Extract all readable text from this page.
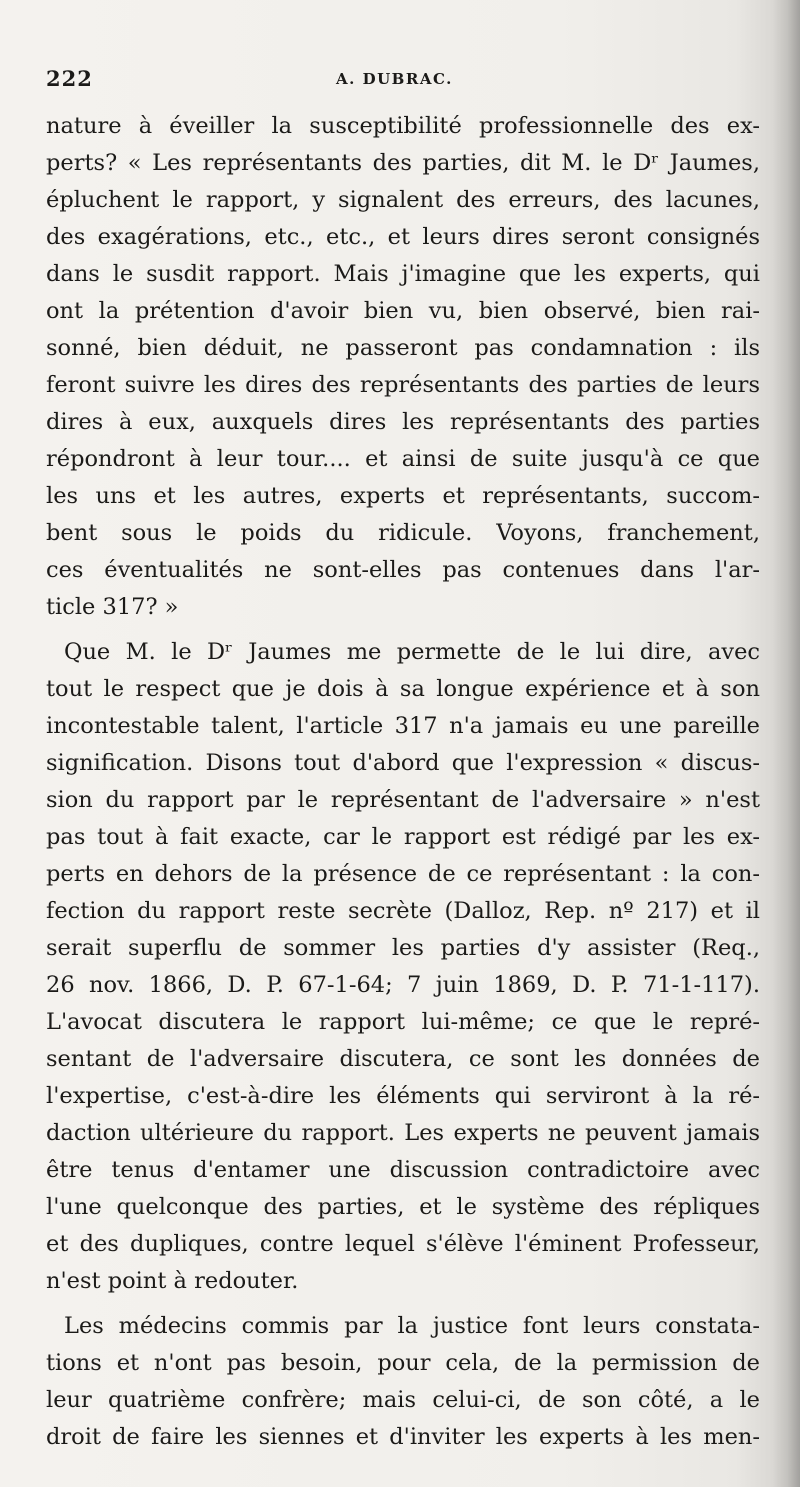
222	A. DUBRAC.
nature à éveiller la susceptibilité professionnelle des ex-
perts? « Les représentants des parties, dit M. le Dʳ Jaumes,
épluchent le rapport, y signalent des erreurs, des lacunes,
des exagérations, etc., etc., et leurs dires seront consignés
dans le susdit rapport. Mais j'imagine que les experts, qui
ont la prétention d'avoir bien vu, bien observé, bien rai-
sonné, bien déduit, ne passeront pas condamnation : ils
feront suivre les dires des représentants des parties de leurs
dires à eux, auxquels dires les représentants des parties
répondront à leur tour.... et ainsi de suite jusqu'à ce que
les uns et les autres, experts et représentants, succom-
bent sous le poids du ridicule. Voyons, franchement,
ces éventualités ne sont-elles pas contenues dans l'ar-
ticle 317? »
Que M. le Dʳ Jaumes me permette de le lui dire, avec
tout le respect que je dois à sa longue expérience et à son
incontestable talent, l'article 317 n'a jamais eu une pareille
signification. Disons tout d'abord que l'expression « discus-
sion du rapport par le représentant de l'adversaire » n'est
pas tout à fait exacte, car le rapport est rédigé par les ex-
perts en dehors de la présence de ce représentant : la con-
fection du rapport reste secrète (Dalloz, Rep. nº 217) et il
serait superflu de sommer les parties d'y assister (Req.,
26 nov. 1866, D. P. 67-1-64; 7 juin 1869, D. P. 71-1-117).
L'avocat discutera le rapport lui-même; ce que le repré-
sentant de l'adversaire discutera, ce sont les données de
l'expertise, c'est-à-dire les éléments qui serviront à la ré-
daction ultérieure du rapport. Les experts ne peuvent jamais
être tenus d'entamer une discussion contradictoire avec
l'une quelconque des parties, et le système des répliques
et des dupliques, contre lequel s'élève l'éminent Professeur,
n'est point à redouter.
Les médecins commis par la justice font leurs constata-
tions et n'ont pas besoin, pour cela, de la permission de
leur quatrième confrère; mais celui-ci, de son côté, a le
droit de faire les siennes et d'inviter les experts à les men-
